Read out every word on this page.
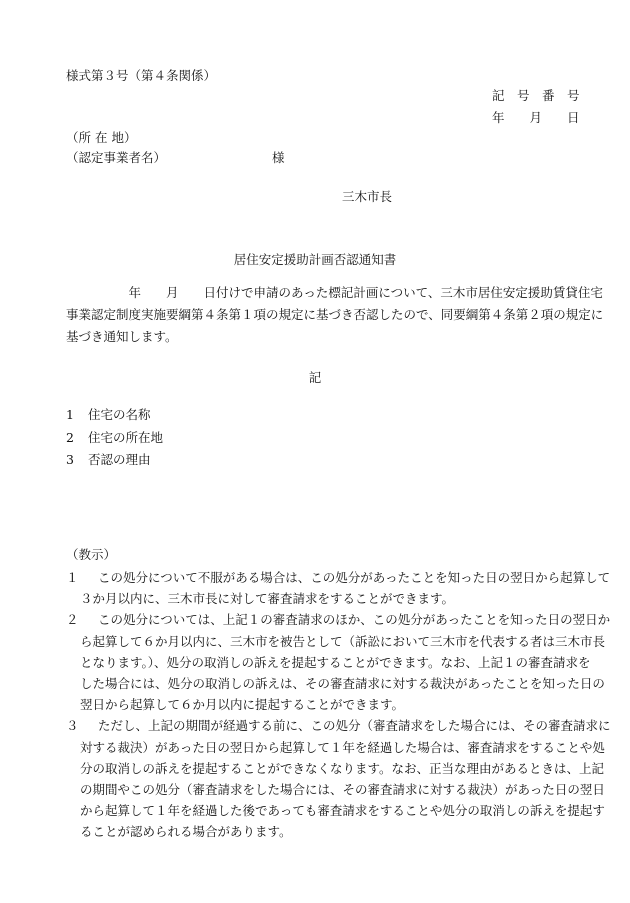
様式第３号（第４条関係）
記　号　番　号
年　　月　　日
（所 在 地）
（認定事業者名）	様
三木市長
居住安定援助計画否認通知書
　　　　　年　　月　　日付けで申請のあった標記計画について、三木市居住安定援助賃貸住宅
事業認定制度実施要綱第４条第１項の規定に基づき否認したので、同要綱第４条第２項の規定に
基づき通知します。
記
1 住宅の名称
2 住宅の所在地
3 否認の理由
（教示）
１	この処分について不服がある場合は、この処分があったことを知った日の翌日から起算して
３か月以内に、三木市長に対して審査請求をすることができます。
２	この処分については、上記１の審査請求のほか、この処分があったことを知った日の翌日か
ら起算して６か月以内に、三木市を被告として（訴訟において三木市を代表する者は三木市長
となります。）、処分の取消しの訴えを提起することができます。なお、上記１の審査請求を
した場合には、処分の取消しの訴えは、その審査請求に対する裁決があったことを知った日の
翌日から起算して６か月以内に提起することができます。
３	ただし、上記の期間が経過する前に、この処分（審査請求をした場合には、その審査請求に
対する裁決）があった日の翌日から起算して１年を経過した場合は、審査請求をすることや処
分の取消しの訴えを提起することができなくなります。なお、正当な理由があるときは、上記
の期間やこの処分（審査請求をした場合には、その審査請求に対する裁決）があった日の翌日
から起算して１年を経過した後であっても審査請求をすることや処分の取消しの訴えを提起す
ることが認められる場合があります。
